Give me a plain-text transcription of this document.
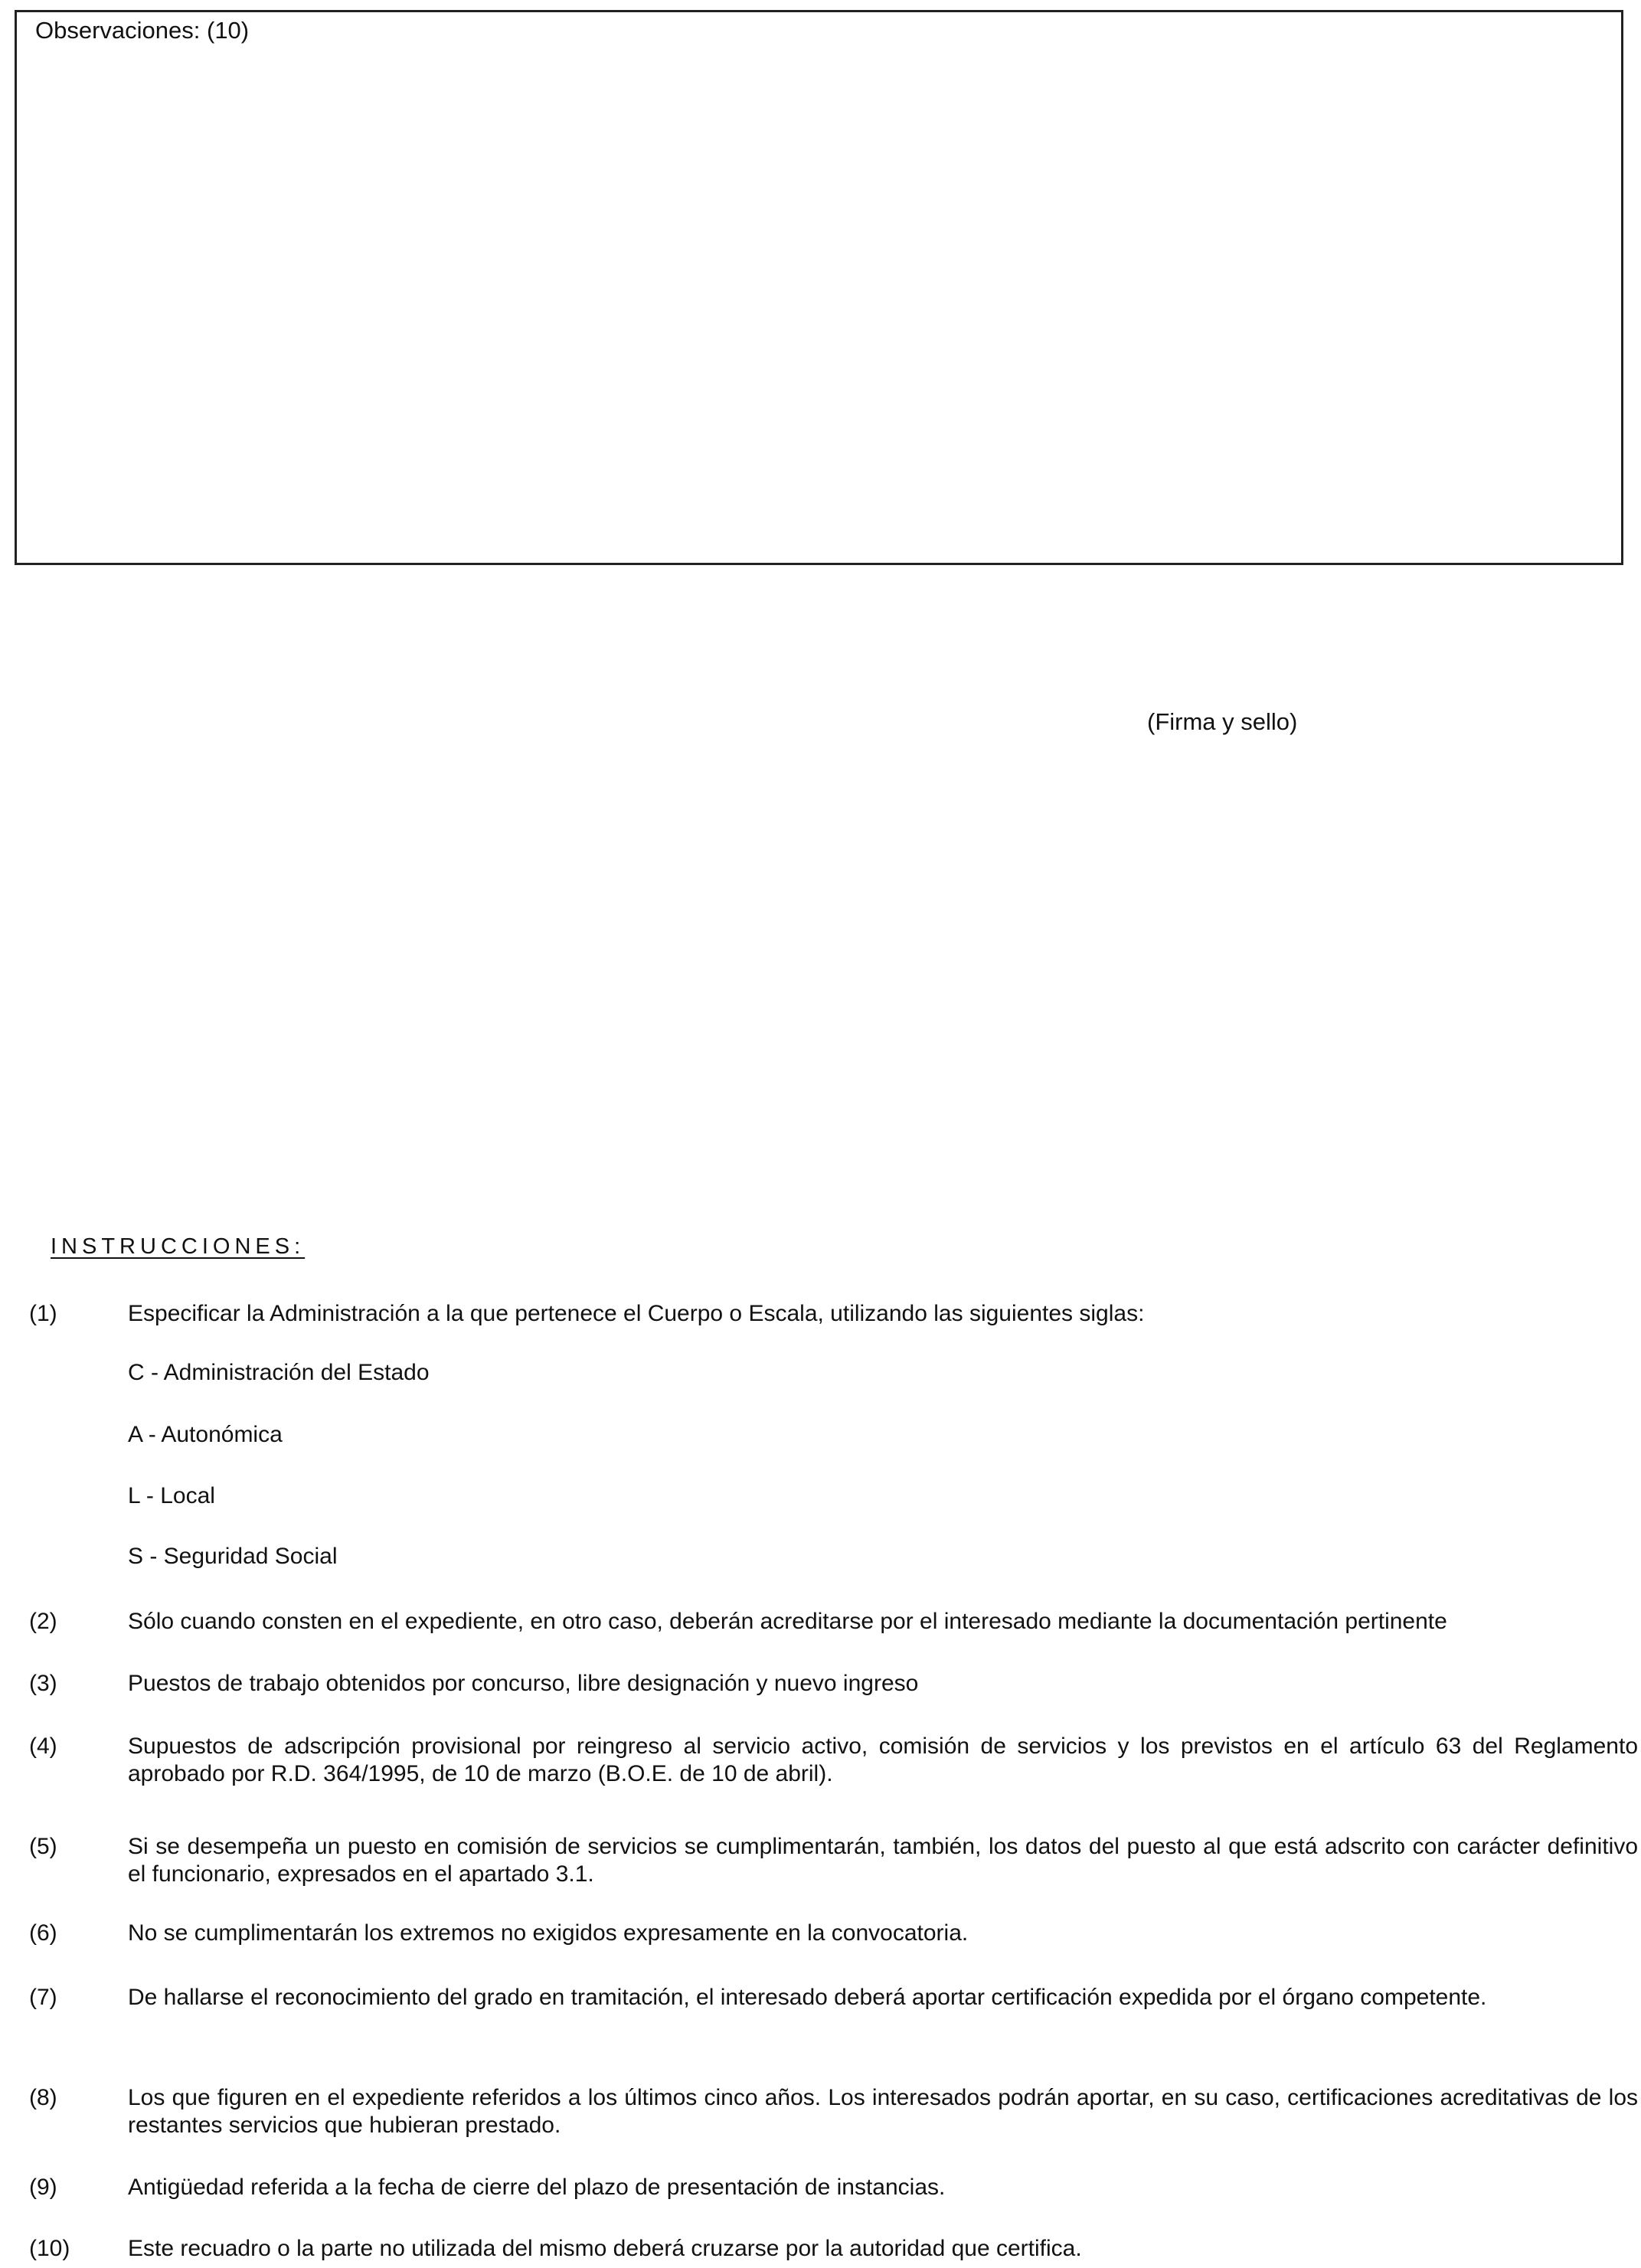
Observaciones: (10)
(Firma y sello)
INSTRUCCIONES:
(1)	Especificar la Administración a la que pertenece el Cuerpo o Escala, utilizando las siguientes siglas:
C - Administración del Estado
A - Autonómica
L - Local
S - Seguridad Social
(2)	Sólo cuando consten en el expediente, en otro caso, deberán acreditarse por el interesado mediante la documentación pertinente
(3)	Puestos de trabajo obtenidos por concurso, libre designación y nuevo ingreso
(4)	Supuestos de adscripción provisional por reingreso al servicio activo, comisión de servicios y los previstos en el artículo 63 del Reglamento aprobado por R.D. 364/1995, de 10 de marzo (B.O.E. de 10 de abril).
(5)	Si se desempeña un puesto en comisión de servicios se cumplimentarán, también, los datos del puesto al que está adscrito con carácter definitivo el funcionario, expresados en el apartado 3.1.
(6)	No se cumplimentarán los extremos no exigidos expresamente en la convocatoria.
(7)	De hallarse el reconocimiento del grado en tramitación, el interesado deberá aportar certificación expedida por el órgano competente.
(8)	Los que figuren en el expediente referidos a los últimos cinco años. Los interesados podrán aportar, en su caso, certificaciones acreditativas de los restantes servicios que hubieran prestado.
(9)	Antigüedad referida a la fecha de cierre del plazo de presentación de instancias.
(10)	Este recuadro o la parte no utilizada del mismo deberá cruzarse por la autoridad que certifica.
